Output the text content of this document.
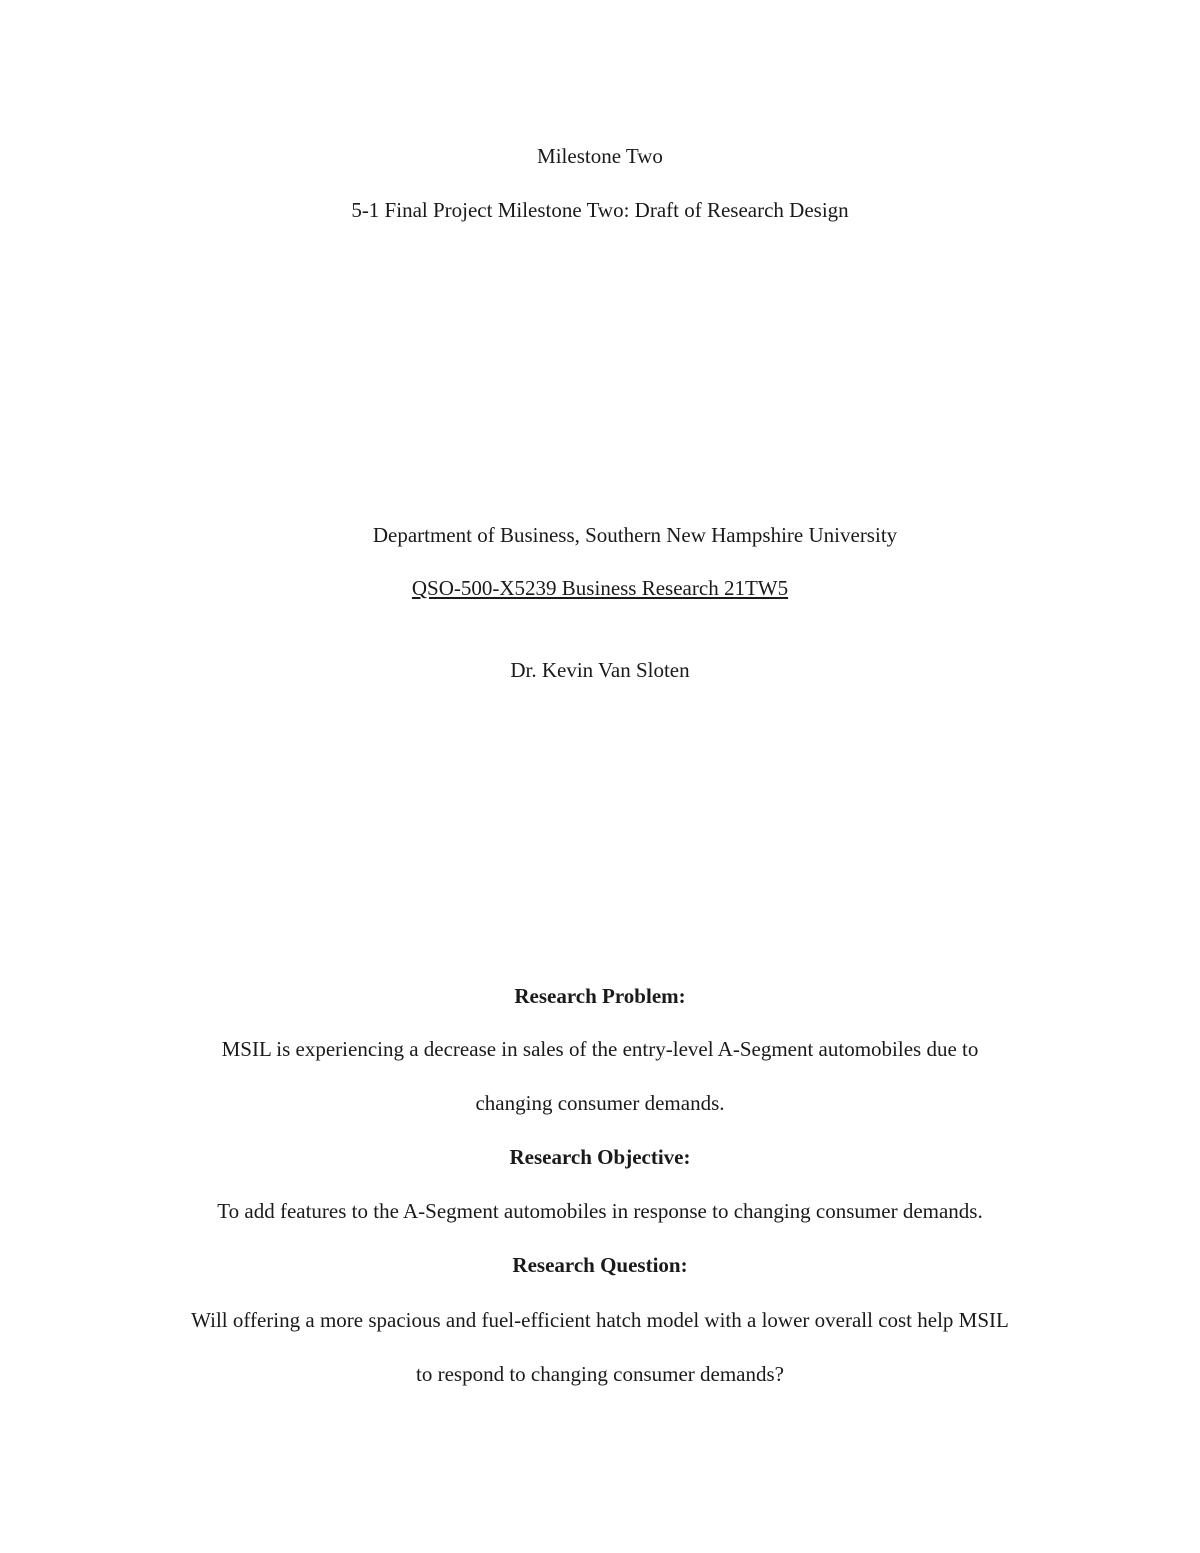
Milestone Two
5-1 Final Project Milestone Two: Draft of Research Design
Department of Business, Southern New Hampshire University
QSO-500-X5239 Business Research 21TW5
Dr. Kevin Van Sloten
Research Problem:
MSIL is experiencing a decrease in sales of the entry-level A-Segment automobiles due to
changing consumer demands.
Research Objective:
To add features to the A-Segment automobiles in response to changing consumer demands.
Research Question:
Will offering a more spacious and fuel-efficient hatch model with a lower overall cost help MSIL
to respond to changing consumer demands?
